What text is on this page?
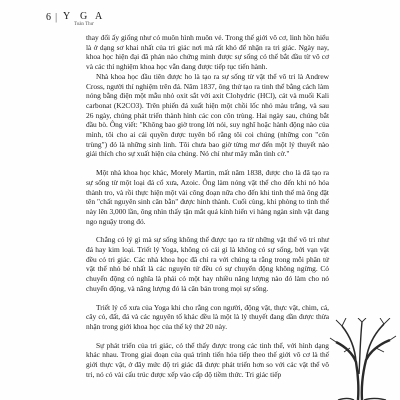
6 | Y G A
Toàn Thư

thay đổi ấy giống như có muôn hình muôn vẻ. Trong thế giới vô cơ, linh hồn hiểu là ở dạng sơ khai nhất của tri giác nơi mà rất khó để nhận ra tri giác. Ngày nay, khoa học hiện đại đã phản nào chứng minh được sự sống có thể bắt đầu từ vô cơ và các thí nghiệm khoa học vẫn đang được tiếp tục tiến hành.

Nhà khoa học đầu tiên được ho là tạo ra sự sống từ vật thể vô tri là Andrew Cross, người thí nghiệm trên đá. Năm 1837, ông thử tạo ra tinh thể bằng cách làm nóng bằng điện một mẫu nhỏ oxit sắt với axit Clohydric (HCl), cát và muối Kali carbonat (K2CO3). Trên phiến đá xuất hiện một chồi lốc nhỏ màu trắng, và sau 26 ngày, chúng phát triển thành hình các con côn trùng. Hai ngày sau, chúng bắt đầu bò. Ông viết: "Không bao giờ trong lời nói, suy nghĩ hoặc hành động nào của mình, tôi cho ai cái quyền được tuyên bố rằng tôi coi chúng (những con "côn trùng") đó là những sinh linh. Tôi chưa bao giờ từng mơ đến một lý thuyết nào giải thích cho sự xuất hiện của chúng. Nó chỉ như mây mẫn tình cờ."

Một nhà khoa học khác, Morely Martin, mất năm 1838, được cho là đã tạo ra sự sống từ một loại đá cổ xưa, Azoic. Ông làm nóng vật thể cho đến khi nó hóa thành tro, và rồi thực hiện một vài công đoạn nữa cho đến khi tinh thể mà ông đặt tên "chất nguyên sinh cân bằn" được hình thành. Cuối cùng, khi phòng to tinh thể này lên 3,000 lần, ông nhìn thấy tận mắt quá kính hiển vi hàng ngàn sinh vật đang ngo nguậy trong đó.

Chẳng có lý gì mà sự sống không thể được tạo ra từ những vật thể vô tri như đá hay kim loại. Triết lý Yoga, không có cái gì là không có sự sống, bởi vạn vật đều có tri giác. Các nhà khoa học đã chỉ ra với chúng ta rằng trong mỗi phân tử vật thể nhỏ bé nhất là các nguyên tử đều có sự chuyển động không ngừng. Có chuyển động có nghĩa là phải có một hay nhiều năng lượng nào đó làm cho nó chuyển động, và năng lượng đó là căn bản trong mọi sự sống.

Triết lý cổ xưa của Yoga khi cho rằng con người, động vật, thực vật, chim, cá, cây cỏ, đất, đá và các nguyên tố khác đều là một là lý thuyết đang dần được thừa nhận trong giới khoa học của thế kỷ thứ 20 này.

Sự phát triển của tri giác, có thể thấy được trong các tinh thể, với hình dạng khác nhau. Trong giai đoạn của quá trình tiến hóa tiếp theo thế giới vô cơ là thế giới thực vật, ở đây mức độ tri giác đã được phát triển hơn so với các vật thể vô tri, nó có vài cấu trúc được xếp vào cấp độ tiềm thức. Tri giác tiếp
